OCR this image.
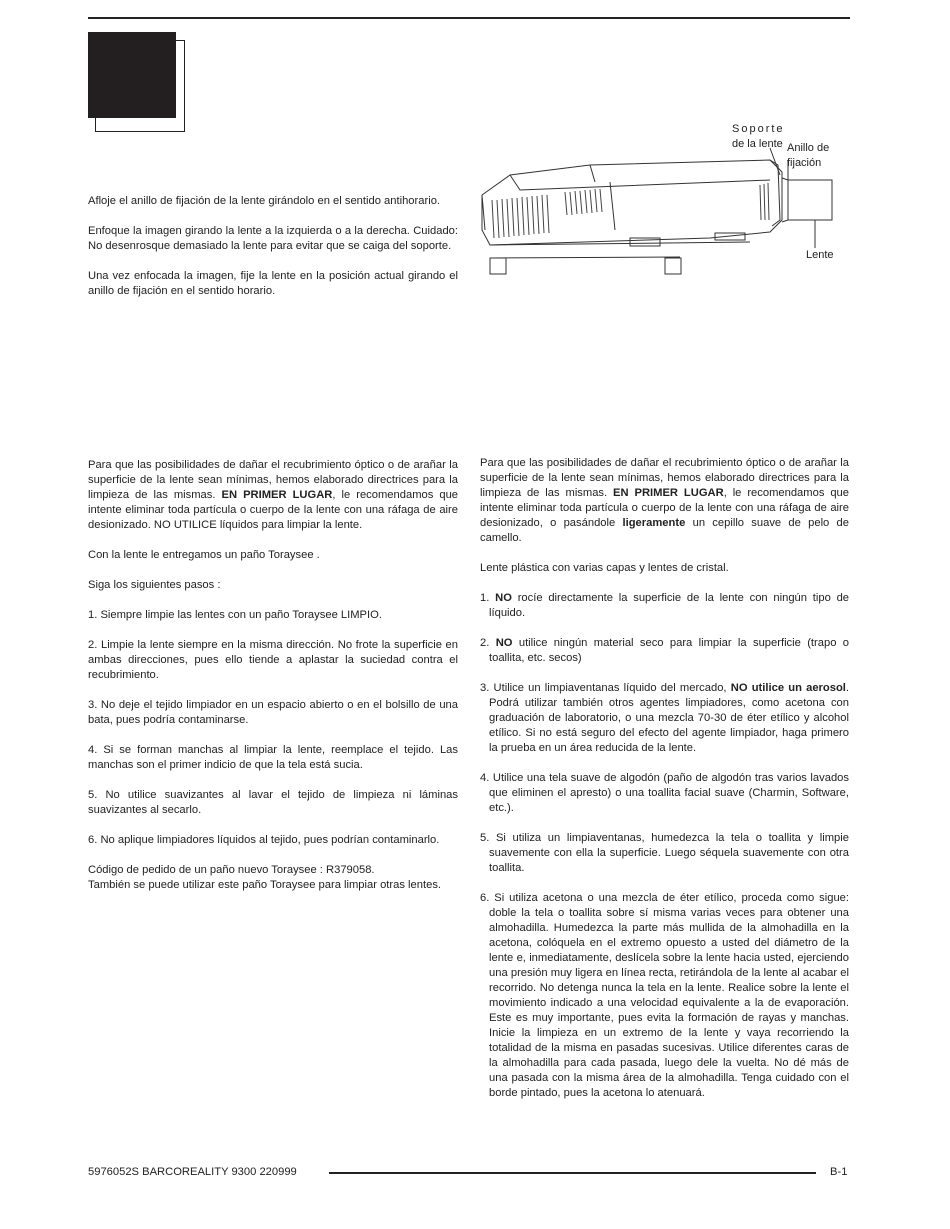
Soporte
de la lente Anillo de
fijación
Lente

Afloje el anillo de fijación de la lente girándolo en el sentido antihorario.

Enfoque la imagen girando la lente a la izquierda o a la derecha. Cuidado: No desenrosque demasiado la lente para evitar que se caiga del soporte.

Una vez enfocada la imagen, fije la lente en la posición actual girando el anillo de fijación en el sentido horario.

Para que las posibilidades de dañar el recubrimiento óptico o de arañar la superficie de la lente sean mínimas, hemos elaborado directrices para la limpieza de las mismas. EN PRIMER LUGAR, le recomendamos que intente eliminar toda partícula o cuerpo de la lente con una ráfaga de aire desionizado. NO UTILICE líquidos para limpiar la lente.

Con la lente le entregamos un paño Toraysee .

Siga los siguientes pasos :

1. Siempre limpie las lentes con un paño Toraysee LIMPIO.

2. Limpie la lente siempre en la misma dirección. No frote la superficie en ambas direcciones, pues ello tiende a aplastar la suciedad contra el recubrimiento.

3. No deje el tejido limpiador en un espacio abierto o en el bolsillo de una bata, pues podría contaminarse.

4. Si se forman manchas al limpiar la lente, reemplace el tejido. Las manchas son el primer indicio de que la tela está sucia.

5. No utilice suavizantes al lavar el tejido de limpieza ni láminas suavizantes al secarlo.

6. No aplique limpiadores líquidos al tejido, pues podrían contaminarlo.

Código de pedido de un paño nuevo Toraysee : R379058.
También se puede utilizar este paño Toraysee para limpiar otras lentes.

Para que las posibilidades de dañar el recubrimiento óptico o de arañar la superficie de la lente sean mínimas, hemos elaborado directrices para la limpieza de las mismas. EN PRIMER LUGAR, le recomendamos que intente eliminar toda partícula o cuerpo de la lente con una ráfaga de aire desionizado, o pasándole ligeramente un cepillo suave de pelo de camello.

Lente plástica con varias capas y lentes de cristal.

1. NO rocíe directamente la superficie de la lente con ningún tipo de líquido.

2. NO utilice ningún material seco para limpiar la superficie (trapo o toallita, etc. secos)

3. Utilice un limpiaventanas líquido del mercado, NO utilice un aerosol. Podrá utilizar también otros agentes limpiadores, como acetona con graduación de laboratorio, o una mezcla 70-30 de éter etílico y alcohol etílico. Si no está seguro del efecto del agente limpiador, haga primero la prueba en un área reducida de la lente.

4. Utilice una tela suave de algodón (paño de algodón tras varios lavados que eliminen el apresto) o una toallita facial suave (Charmin, Software, etc.).

5. Si utiliza un limpiaventanas, humedezca la tela o toallita y limpie suavemente con ella la superficie. Luego séquela suavemente con otra toallita.

6. Si utiliza acetona o una mezcla de éter etílico, proceda como sigue: doble la tela o toallita sobre sí misma varias veces para obtener una almohadilla. Humedezca la parte más mullida de la almohadilla en la acetona, colóquela en el extremo opuesto a usted del diámetro de la lente e, inmediatamente, deslícela sobre la lente hacia usted, ejerciendo una presión muy ligera en línea recta, retirándola de la lente al acabar el recorrido. No detenga nunca la tela en la lente. Realice sobre la lente el movimiento indicado a una velocidad equivalente a la de evaporación. Este es muy importante, pues evita la formación de rayas y manchas. Inicie la limpieza en un extremo de la lente y vaya recorriendo la totalidad de la misma en pasadas sucesivas. Utilice diferentes caras de la almohadilla para cada pasada, luego dele la vuelta. No dé más de una pasada con la misma área de la almohadilla. Tenga cuidado con el borde pintado, pues la acetona lo atenuará.

5976052S BARCOREALITY 9300 220999	B-1
